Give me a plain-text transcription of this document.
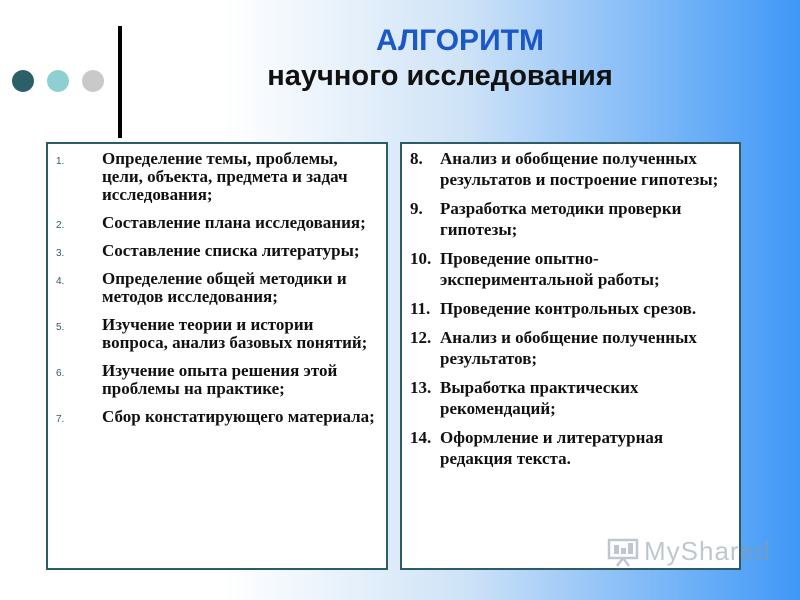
АЛГОРИТМ
научного исследования
1.	Определение темы, проблемы, цели, объекта, предмета и задач исследования;
2.	Составление плана исследования;
3.	Составление списка литературы;
4.	Определение общей методики и методов исследования;
5.	Изучение теории и истории вопроса, анализ базовых понятий;
6.	Изучение опыта решения этой проблемы на практике;
7.	Сбор констатирующего материала;
8.	Анализ и обобщение полученных результатов и построение гипотезы;
9.	Разработка методики проверки гипотезы;
10. Проведение опытно-экспериментальной работы;
11. Проведение контрольных срезов.
12. Анализ и обобщение полученных результатов;
13. Выработка практических рекомендаций;
14. Оформление и литературная редакция текста.
MyShared
